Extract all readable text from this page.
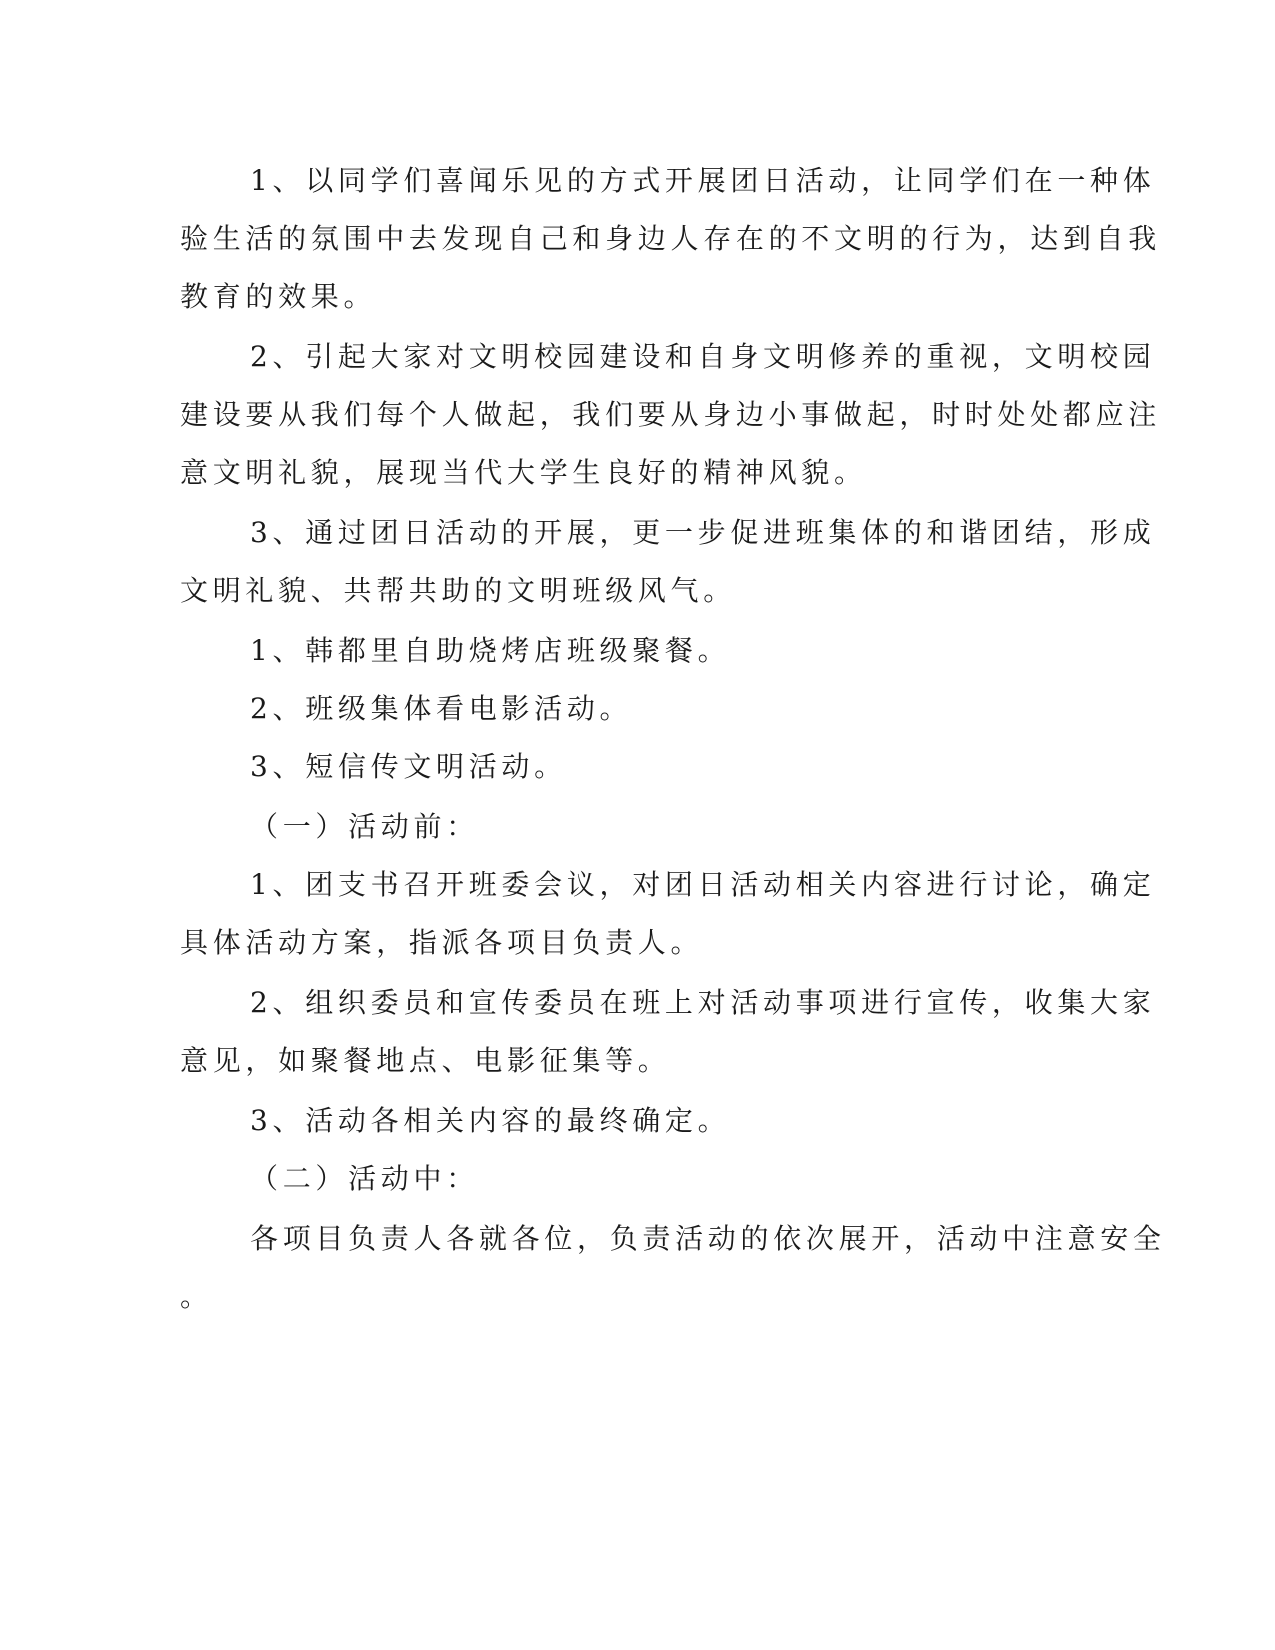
1、以同学们喜闻乐见的方式开展团日活动，让同学们在一种体
验生活的氛围中去发现自己和身边人存在的不文明的行为，达到自我
教育的效果。
2、引起大家对文明校园建设和自身文明修养的重视，文明校园
建设要从我们每个人做起，我们要从身边小事做起，时时处处都应注
意文明礼貌，展现当代大学生良好的精神风貌。
3、通过团日活动的开展，更一步促进班集体的和谐团结，形成
文明礼貌、共帮共助的文明班级风气。
1、韩都里自助烧烤店班级聚餐。
2、班级集体看电影活动。
3、短信传文明活动。
（一）活动前：
1、团支书召开班委会议，对团日活动相关内容进行讨论，确定
具体活动方案，指派各项目负责人。
2、组织委员和宣传委员在班上对活动事项进行宣传，收集大家
意见，如聚餐地点、电影征集等。
3、活动各相关内容的最终确定。
（二）活动中：
各项目负责人各就各位，负责活动的依次展开，活动中注意安全
。
